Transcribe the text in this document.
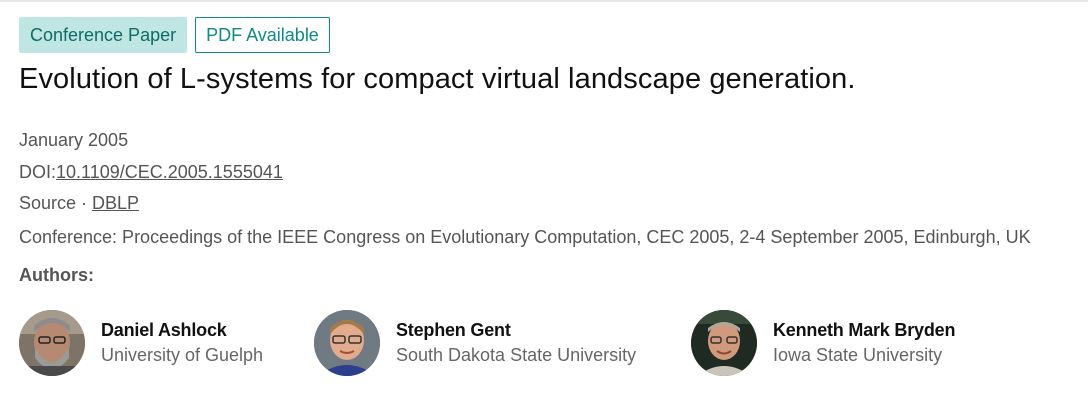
Conference Paper	PDF Available
Evolution of L-systems for compact virtual landscape generation.
January 2005
DOI:10.1109/CEC.2005.1555041
Source · DBLP
Conference: Proceedings of the IEEE Congress on Evolutionary Computation, CEC 2005, 2-4 September 2005, Edinburgh, UK
Authors:
Daniel Ashlock
University of Guelph
Stephen Gent
South Dakota State University
Kenneth Mark Bryden
Iowa State University
